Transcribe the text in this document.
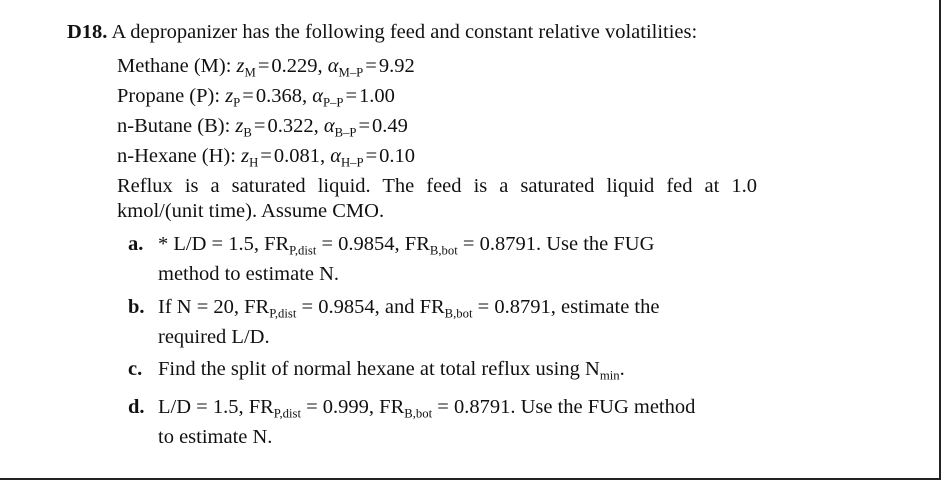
D18. A depropanizer has the following feed and constant relative volatilities:
Methane (M): $z_M=0.229$, $\alpha_{M-P}=9.92$
Propane (P): $z_P=0.368$, $\alpha_{P-P}=1.00$
n-Butane (B): $z_B=0.322$, $\alpha_{B-P}=0.49$
n-Hexane (H): $z_H=0.081$, $\alpha_{H-P}=0.10$
Reflux is a saturated liquid. The feed is a saturated liquid fed at 1.0
kmol/(unit time). Assume CMO.
a. * L/D = 1.5, $FR_{P,dist} = 0.9854$, $FR_{B,bot} = 0.8791$. Use the FUG
method to estimate N.
b. If N = 20, $FR_{P,dist} = 0.9854$, and $FR_{B,bot} = 0.8791$, estimate the
required L/D.
c. Find the split of normal hexane at total reflux using $N_{min}$.
d. L/D = 1.5, $FR_{P,dist} = 0.999$, $FR_{B,bot} = 0.8791$. Use the FUG method
to estimate N.
